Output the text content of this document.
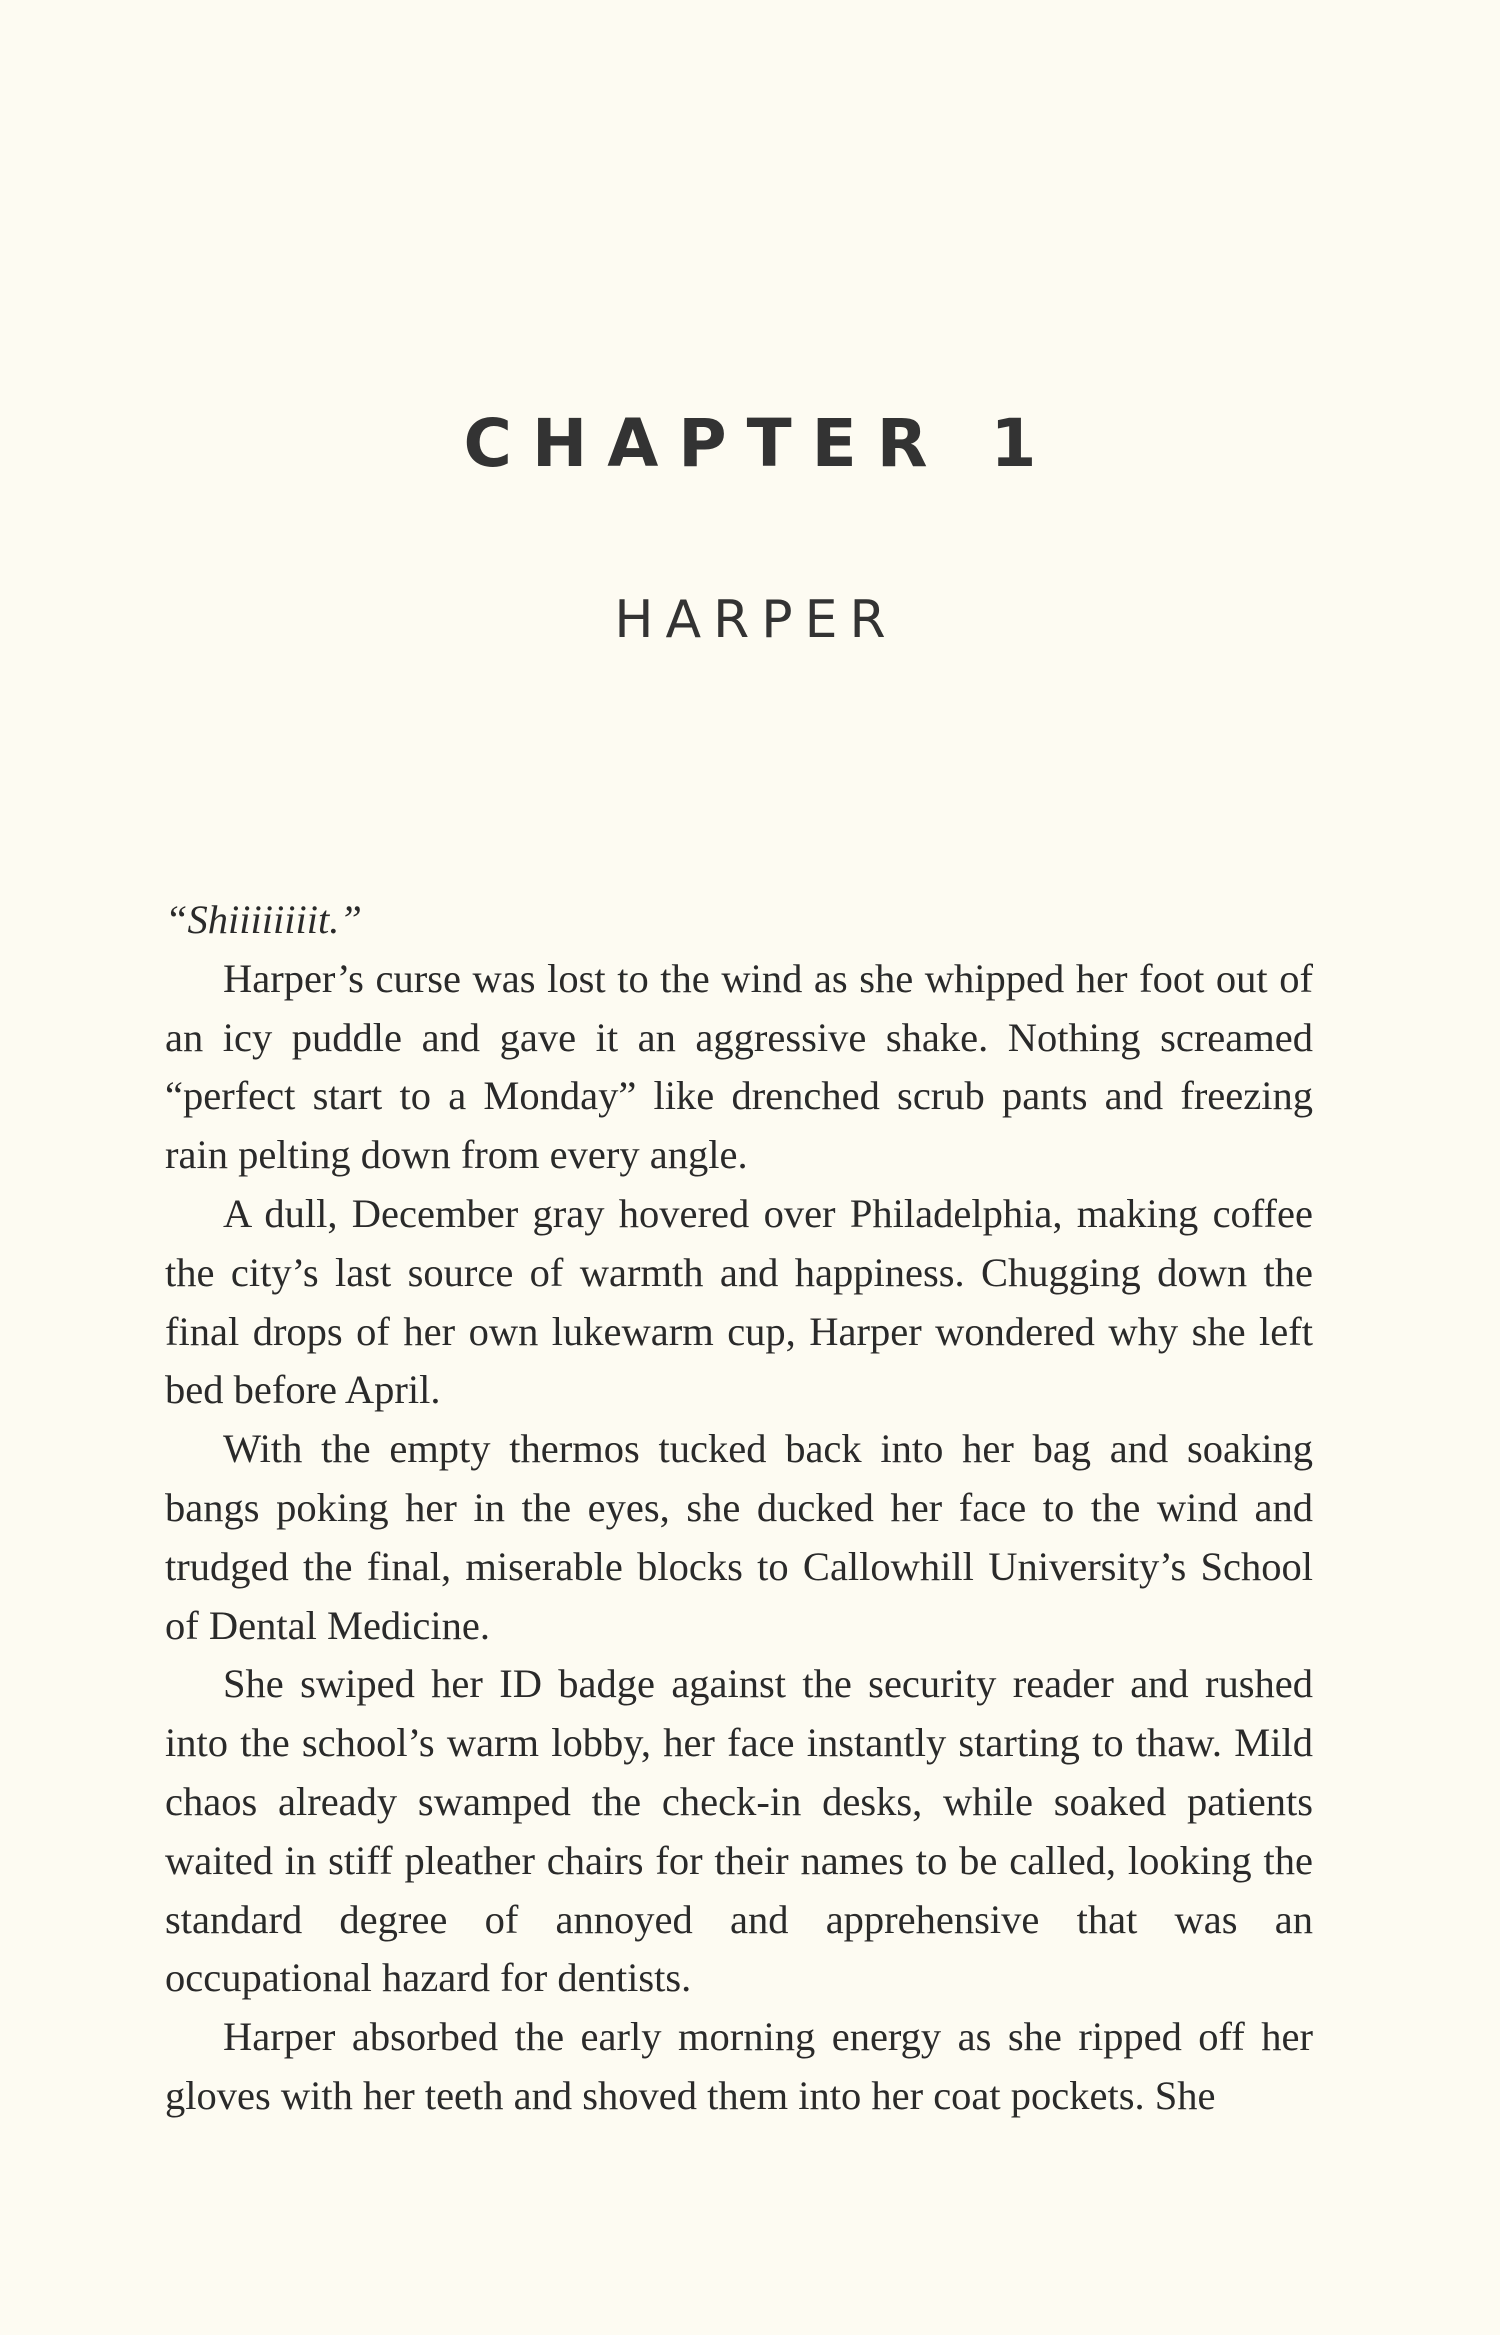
CHAPTER 1
HARPER

“Shiiiiiiiit.”

Harper’s curse was lost to the wind as she whipped her foot out of an icy puddle and gave it an aggressive shake. Nothing screamed “perfect start to a Monday” like drenched scrub pants and freezing rain pelting down from every angle.

A dull, December gray hovered over Philadelphia, making coffee the city’s last source of warmth and happiness. Chugging down the final drops of her own lukewarm cup, Harper wondered why she left bed before April.

With the empty thermos tucked back into her bag and soaking bangs poking her in the eyes, she ducked her face to the wind and trudged the final, miserable blocks to Callowhill University’s School of Dental Medicine.

She swiped her ID badge against the security reader and rushed into the school’s warm lobby, her face instantly starting to thaw. Mild chaos already swamped the check-in desks, while soaked patients waited in stiff pleather chairs for their names to be called, looking the standard degree of annoyed and apprehensive that was an occupational hazard for dentists.

Harper absorbed the early morning energy as she ripped off her gloves with her teeth and shoved them into her coat pockets. She
